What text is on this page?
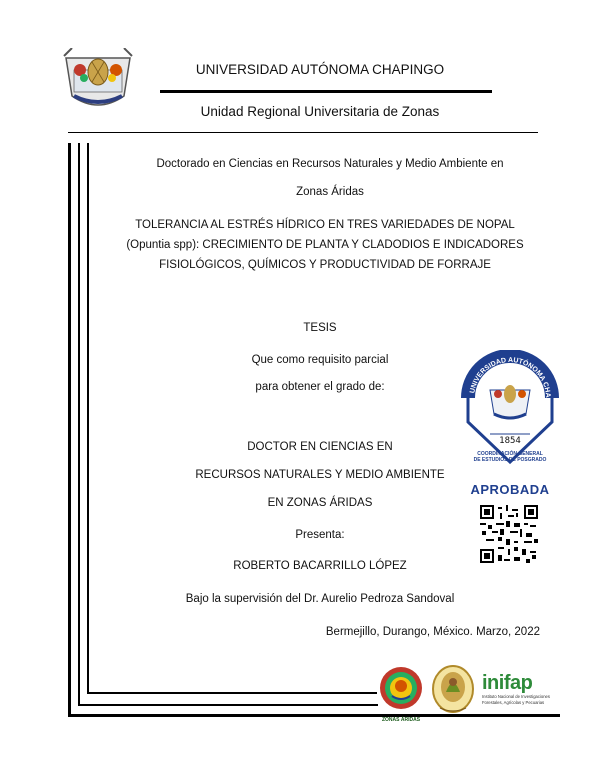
UNIVERSIDAD AUTÓNOMA CHAPINGO
Unidad Regional Universitaria de Zonas
Doctorado en Ciencias en Recursos Naturales y Medio Ambiente en
Zonas Áridas
TOLERANCIA AL ESTRÉS HÍDRICO EN TRES VARIEDADES DE NOPAL
(Opuntia spp): CRECIMIENTO DE PLANTA Y CLADODIOS E INDICADORES
FISIOLÓGICOS, QUÍMICOS Y PRODUCTIVIDAD DE FORRAJE
TESIS
Que como requisito parcial
para obtener el grado de:
DOCTOR EN CIENCIAS EN
RECURSOS NATURALES Y MEDIO AMBIENTE
EN ZONAS ÁRIDAS
Presenta:
ROBERTO BACARRILLO LÓPEZ
Bajo la supervisión del Dr. Aurelio Pedroza Sandoval
Bermejillo, Durango, México. Marzo, 2022
UNIVERSIDAD AUTÓNOMA CHA
1854
COORDINACIÓN GENERAL
DE ESTUDIOS DE POSGRADO
APROBADA
ZONAS ÁRIDAS
inifap
Instituto Nacional de Investigaciones
Forestales, Agrícolas y Pecuarias
